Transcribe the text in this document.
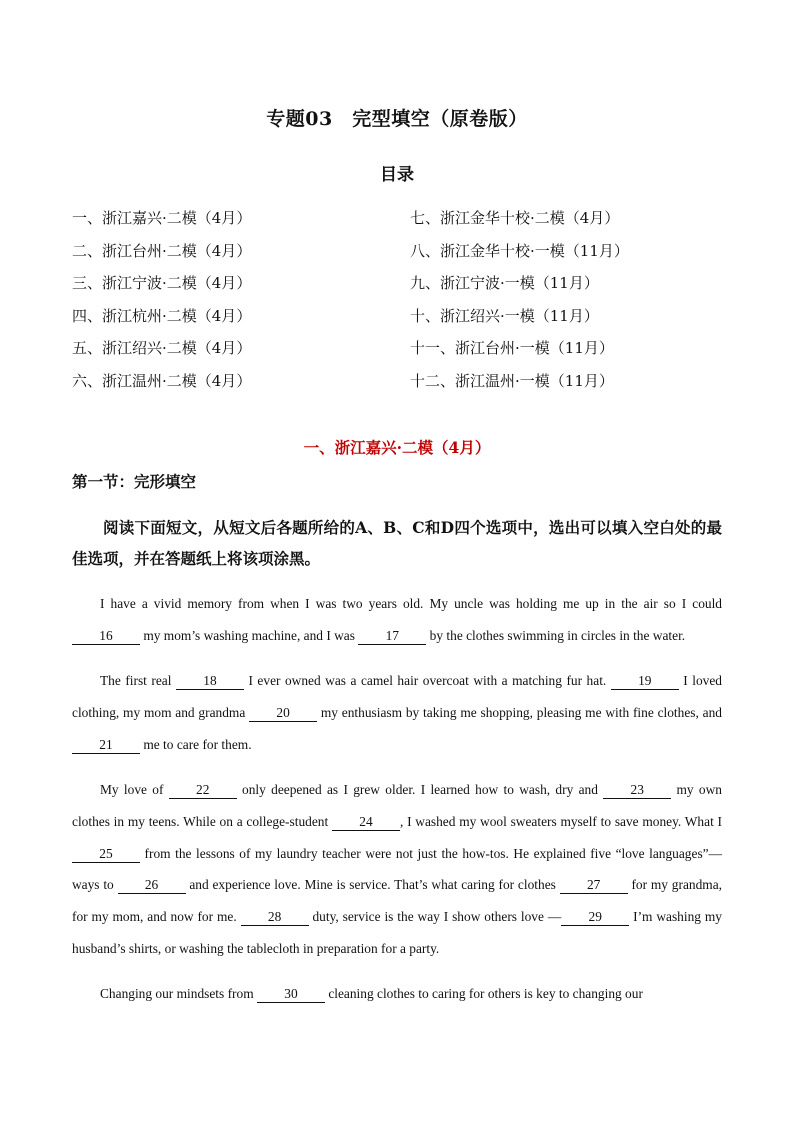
专题03　完型填空（原卷版）
目录
一、浙江嘉兴·二模（4月）	七、浙江金华十校·二模（4月）
二、浙江台州·二模（4月）	八、浙江金华十校·一模（11月）
三、浙江宁波·二模（4月）	九、浙江宁波·一模（11月）
四、浙江杭州·二模（4月）	十、浙江绍兴·一模（11月）
五、浙江绍兴·二模（4月）	十一、浙江台州·一模（11月）
六、浙江温州·二模（4月）	十二、浙江温州·一模（11月）
一、浙江嘉兴·二模（4月）
第一节：完形填空
阅读下面短文，从短文后各题所给的A、B、C和D四个选项中，选出可以填入空白处的最佳选项，并在答题纸上将该项涂黑。

I have a vivid memory from when I was two years old. My uncle was holding me up in the air so I could 16 my mom’s washing machine, and I was 17 by the clothes swimming in circles in the water.

The first real 18 I ever owned was a camel hair overcoat with a matching fur hat. 19 I loved clothing, my mom and grandma 20 my enthusiasm by taking me shopping, pleasing me with fine clothes, and 21 me to care for them.

My love of 22 only deepened as I grew older. I learned how to wash, dry and 23 my own clothes in my teens. While on a college-student 24 , I washed my wool sweaters myself to save money. What I 25 from the lessons of my laundry teacher were not just the how-tos. He explained five “love languages”— ways to 26 and experience love. Mine is service. That’s what caring for clothes 27 for my grandma, for my mom, and now for me. 28 duty, service is the way I show others love — 29 I’m washing my husband’s shirts, or washing the tablecloth in preparation for a party.

Changing our mindsets from 30 cleaning clothes to caring for others is key to changing our
